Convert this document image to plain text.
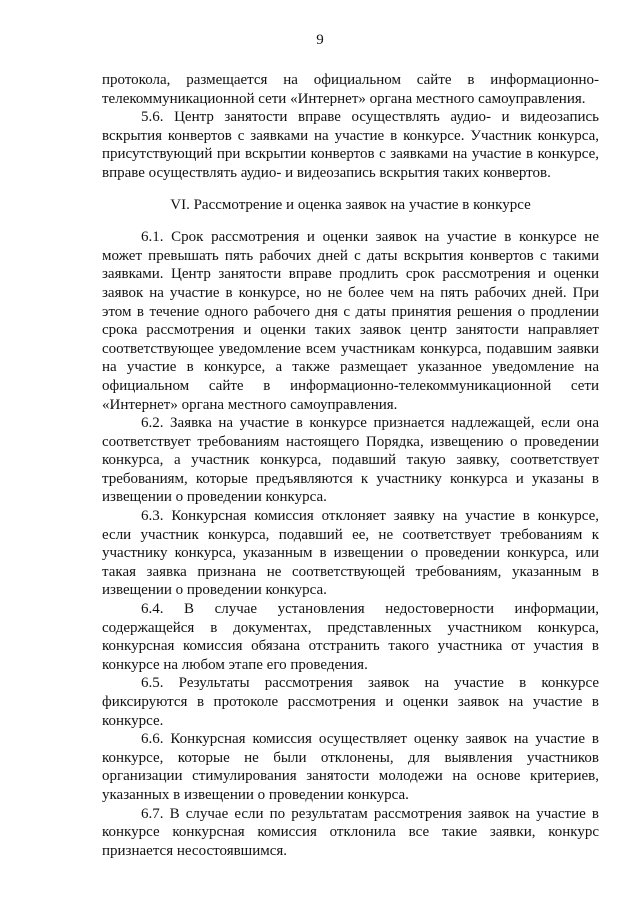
9

протокола, размещается на официальном сайте в информационно-телекоммуникационной сети «Интернет» органа местного самоуправления.

5.6. Центр занятости вправе осуществлять аудио- и видеозапись вскрытия конвертов с заявками на участие в конкурсе. Участник конкурса, присутствующий при вскрытии конвертов с заявками на участие в конкурсе, вправе осуществлять аудио- и видеозапись вскрытия таких конвертов.

VI. Рассмотрение и оценка заявок на участие в конкурсе

6.1. Срок рассмотрения и оценки заявок на участие в конкурсе не может превышать пять рабочих дней с даты вскрытия конвертов с такими заявками. Центр занятости вправе продлить срок рассмотрения и оценки заявок на участие в конкурсе, но не более чем на пять рабочих дней. При этом в течение одного рабочего дня с даты принятия решения о продлении срока рассмотрения и оценки таких заявок центр занятости направляет соответствующее уведомление всем участникам конкурса, подавшим заявки на участие в конкурсе, а также размещает указанное уведомление на официальном сайте в информационно-телекоммуникационной сети «Интернет» органа местного самоуправления.

6.2. Заявка на участие в конкурсе признается надлежащей, если она соответствует требованиям настоящего Порядка, извещению о проведении конкурса, а участник конкурса, подавший такую заявку, соответствует требованиям, которые предъявляются к участнику конкурса и указаны в извещении о проведении конкурса.

6.3. Конкурсная комиссия отклоняет заявку на участие в конкурсе, если участник конкурса, подавший ее, не соответствует требованиям к участнику конкурса, указанным в извещении о проведении конкурса, или такая заявка признана не соответствующей требованиям, указанным в извещении о проведении конкурса.

6.4. В случае установления недостоверности информации, содержащейся в документах, представленных участником конкурса, конкурсная комиссия обязана отстранить такого участника от участия в конкурсе на любом этапе его проведения.

6.5. Результаты рассмотрения заявок на участие в конкурсе фиксируются в протоколе рассмотрения и оценки заявок на участие в конкурсе.

6.6. Конкурсная комиссия осуществляет оценку заявок на участие в конкурсе, которые не были отклонены, для выявления участников организации стимулирования занятости молодежи на основе критериев, указанных в извещении о проведении конкурса.

6.7. В случае если по результатам рассмотрения заявок на участие в конкурсе конкурсная комиссия отклонила все такие заявки, конкурс признается несостоявшимся.
